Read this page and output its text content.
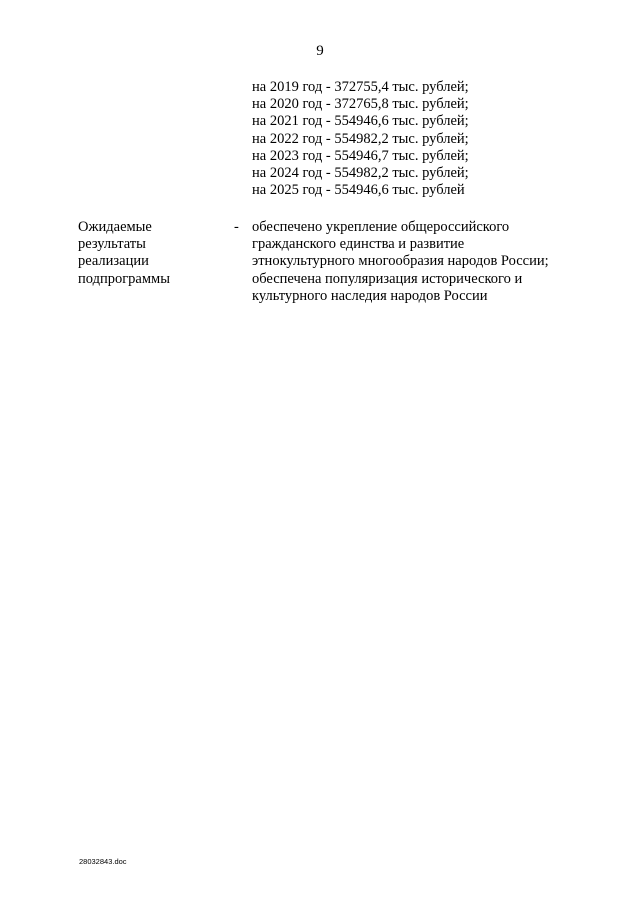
9
на 2019 год - 372755,4 тыс. рублей;
на 2020 год - 372765,8 тыс. рублей;
на 2021 год - 554946,6 тыс. рублей;
на 2022 год - 554982,2 тыс. рублей;
на 2023 год - 554946,7 тыс. рублей;
на 2024 год - 554982,2 тыс. рублей;
на 2025 год - 554946,6 тыс. рублей
Ожидаемые
результаты
реализации
подпрограммы
- обеспечено укрепление общероссийского
гражданского единства и развитие
этнокультурного многообразия народов России;
обеспечена популяризация исторического и
культурного наследия народов России
28032843.doc
